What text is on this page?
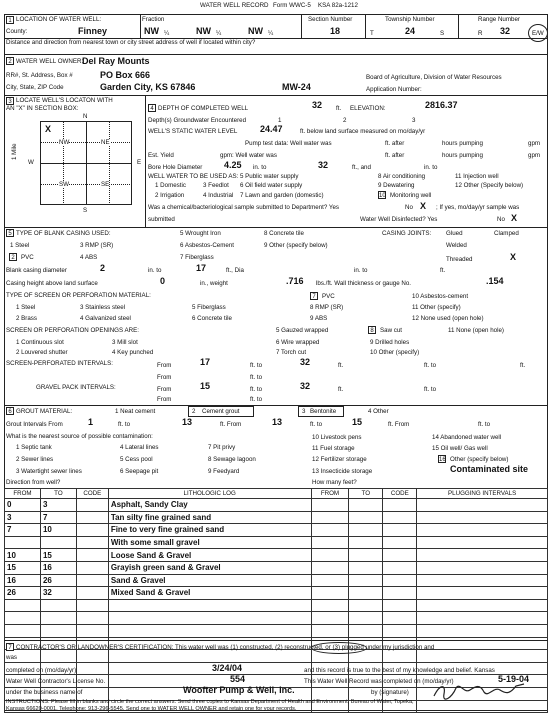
WATER WELL RECORD Form WWC-5 KSA 82a-1212
1 LOCATION OF WATER WELL:
County:	Finney
Fraction
NW ¼	NW ¼	NW ¼
Section Number
18
Township Number
T	24	S
Range Number
R 32	E/W
Distance and direction from nearest town or city street address of well if located within city?
2 WATER WELL OWNER:
Del Ray Mounts
RR#, St. Address, Box #	PO Box 666
City, State, ZIP Code	Garden City, KS 67846	MW-24
Board of Agriculture, Division of Water Resources
Application Number:
3 LOCATE WELL'S LOCATON WITH
AN "X" IN SECTION BOX:
N
S
W	E
X
NW	NE
SW	SE
1 Mile
4 DEPTH OF COMPLETED WELL	32 ft. ELEVATION:	2816.37
Depth(s) Groundwater Encountered	1	2	3
WELL'S STATIC WATER LEVEL	24.47	ft. below land surface measured on mo/day/yr
Pump test data: Well water was	ft. after	hours pumping	gpm
Est. Yield	gpm: Well water was	ft. after	hours pumping	gpm
Bore Hole Diameter 4.25 in. to	32	ft., and	in. to
WELL WATER TO BE USED AS: 5 Public water supply	8 Air conditioning	11 Injection well
1 Domestic	3 Feedlot 6 Oil field water supply	9 Dewatering	12 Other (Specify below)
2 Irrigation	4 Industrial 7 Lawn and garden (domestic)	10 Monitoring well
Was a chemical/bacteriological sample submitted to Department? Yes	No X ; If yes, mo/day/yr sample was
submitted	Water Well Disinfected? Yes	No X
5 TYPE OF BLANK CASING USED:	5 Wrought Iron	8 Concrete tile	CASING JOINTS: Glued	Clamped
1 Steel	3 RMP (SR)	6 Asbestos-Cement	9 Other (specify below)	Welded
2	PVC	4 ABS	7 Fiberglass	Threaded	X
Blank casing diameter	2	in. to	17	ft., Dia	in. to	ft.
Casing height above land surface	0	in., weight	.716 lbs./ft. Wall thickness or gauge No.	.154
TYPE OF SCREEN OR PERFORATION MATERIAL:	7	PVC	10 Asbestos-cement
1 Steel	3 Stainless steel	5 Fiberglass	8 RMP (SR)	11 Other (specify)
2 Brass	4 Galvanized steel	6 Concrete tile	9 ABS	12 None used (open hole)
SCREEN OR PERFORATION OPENINGS ARE:	5 Gauzed wrapped	8	Saw cut	11 None (open hole)
1 Continuous slot	3 Mill slot	6 Wire wrapped	9 Drilled holes
2 Louvered shutter	4 Key punched	7 Torch cut	10 Other (specify)
SCREEN-PERFORATED INTERVALS:	From	17	ft. to	32
From	ft. to
ft.	ft. to	ft.
GRAVEL PACK INTERVALS:	From	15	ft. to	32	ft.	ft. to
From	ft. to
6 GROUT MATERIAL:	1 Neat cement	2 Cement grout	3 Bentonite	4 Other
Grout Intervals From	1	ft. to	13	ft. From	13	ft. to	15	ft. From	ft. to
What is the nearest source of possible contamination:
1 Septic tank	4 Lateral lines	7 Pit privy
10 Livestock pens	14 Abandoned water well
2 Sewer lines	5 Cess pool	8 Sewage lagoon
11 Fuel storage	15 Oil well/ Gas well
3 Watertight sewer lines	6 Seepage pit	9 Feedyard
12 Fertilizer storage
13 Insecticide storage
16 Other (specify below)
Contaminated site
Direction from well?	How many feet?
FROM	TO	CODE	LITHOLOGIC LOG	FROM	TO	CODE	PLUGGING INTERVALS
0	3		Asphalt, Sandy Clay				
3	7		Tan silty fine grained sand				
7	10		Fine to very fine grained sand				
			With some small gravel				
10	15		Loose Sand & Gravel				
15	16		Grayish green sand & Gravel				
16	26		Sand & Gravel				
26	32		Mixed Sand & Gravel				

7 CONTRACTOR'S OR LANDOWNER'S CERTIFICATION: This water well was (1) constructed, (2) reconstructed, or (3) plugged under my jurisdiction and
was
completed on (mo/day/yr)	3/24/04	and this record is true to the best of my knowledge and belief. Kansas
Water Well Contractor's License No.	554	This Water Well Record was completed on (mo/day/yr)	5-19-04
under the business name of	Woofter Pump & Well, Inc.	by (signature)
INSTRUCTIONS: Please fill in blanks and circle the correct answers. Send three copies to Kansas Department of Health and Environment, Bureau of Water, Topeka,
Kansas 66620-0001. Telephone: 913-296-5545. Send one to WATER WELL OWNER and retain one for your records.
